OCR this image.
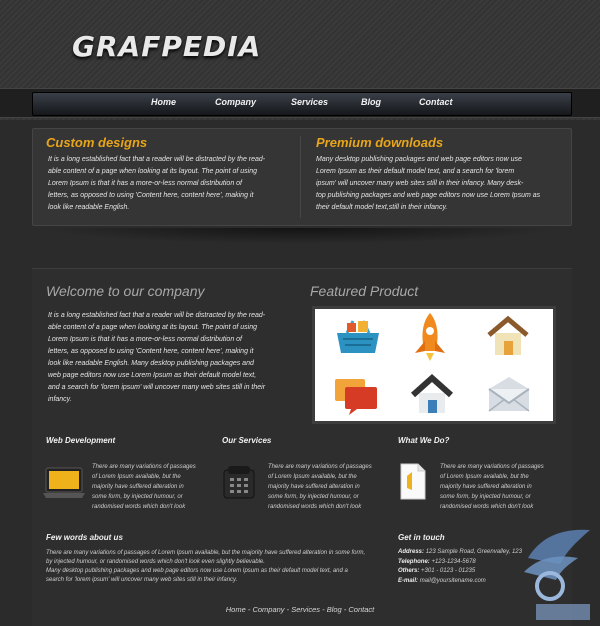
GRAFPEDIA
Home	Company	Services	Blog	Contact
Custom designs
It is a long established fact that a reader will be distracted by the read-
able content of a page when looking at its layout. The point of using
Lorem Ipsum is that it has a more-or-less normal distribution of
letters, as opposed to using 'Content here, content here', making it
look like readable English.
Premium downloads
Many desktop publishing packages and web page editors now use
Lorem Ipsum as their default model text, and a search for 'lorem
ipsum' will uncover many web sites still in their infancy. Many desk-
top publishing packages and web page editors now use Lorem Ipsum as
their default model text,still in their infancy.
Welcome to our company
It is a long established fact that a reader will be distracted by the read-
able content of a page when looking at its layout. The point of using
Lorem Ipsum is that it has a more-or-less normal distribution of
letters, as opposed to using 'Content here, content here', making it
look like readable English. Many desktop publishing packages and
web page editors now use Lorem Ipsum as their default model text,
and a search for 'lorem ipsum' will uncover many web sites still in their
infancy.
Featured Product
Web Development
There are many variations of passages
of Lorem Ipsum available, but the
majority have suffered alteration in
some form, by injected humour, or
randomised words which don't look
Our Services
There are many variations of passages
of Lorem Ipsum available, but the
majority have suffered alteration in
some form, by injected humour, or
randomised words which don't look
What We Do?
There are many variations of passages
of Lorem Ipsum available, but the
majority have suffered alteration in
some form, by injected humour, or
randomised words which don't look
Few words about us
There are many variations of passages of Lorem Ipsum available, but the majority have suffered alteration in some form,
by injected humour, or randomised words which don't look even slightly believable.
Many desktop publishing packages and web page editors now use Lorem Ipsum as their default model text, and a
search for 'lorem ipsum' will uncover many web sites still in their infancy.
Get in touch
Address: 123 Sample Road, Greenvalley, 123
Telephone: +123-1234-5678
Others: +301 - 0123 - 01235
E-mail: mail@yoursitename.com
Home - Company - Services - Blog - Contact
